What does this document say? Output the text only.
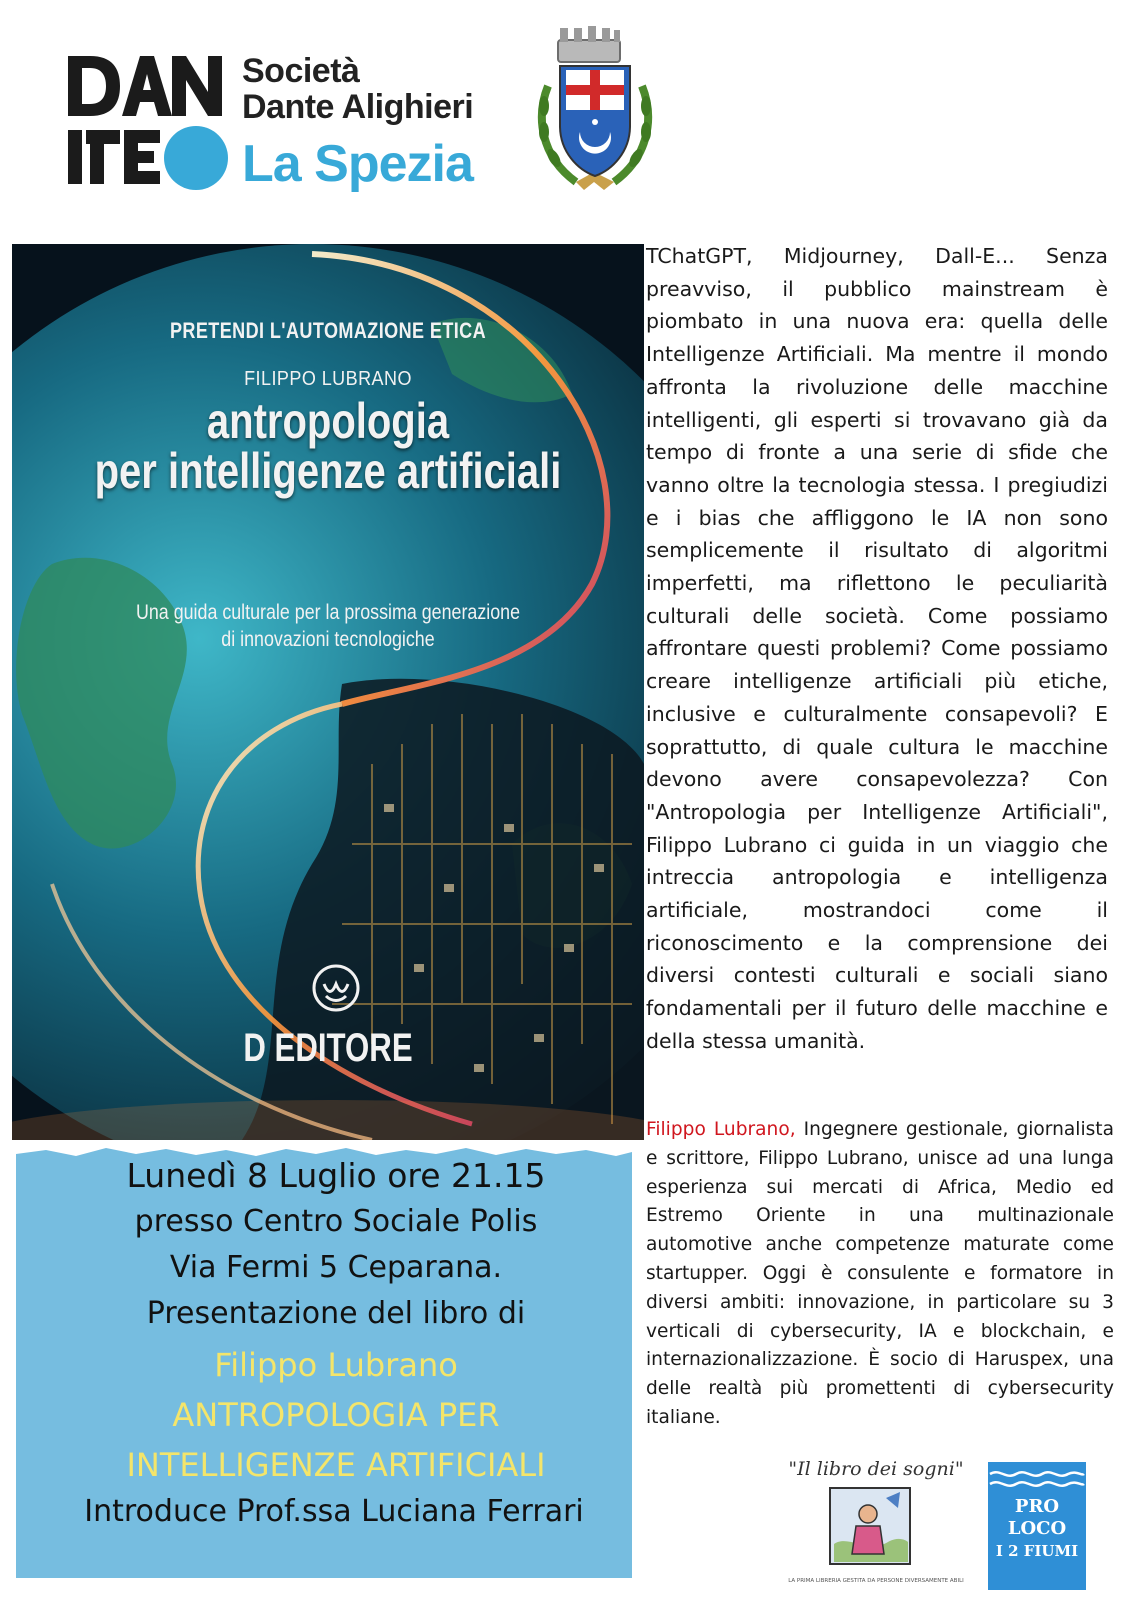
Società
Dante Alighieri
La Spezia
PRETENDI L'AUTOMAZIONE ETICA
FILIPPO LUBRANO
antropologia
per intelligenze artificiali
Una guida culturale per la prossima generazione
di innovazioni tecnologiche
D EDITORE
TChatGPT, Midjourney, Dall-E... Senza preavviso, il pubblico mainstream è piombato in una nuova era: quella delle Intelligenze Artificiali. Ma mentre il mondo affronta la rivoluzione delle macchine intelligenti, gli esperti si trovavano già da tempo di fronte a una serie di sfide che vanno oltre la tecnologia stessa. I pregiudizi e i bias che affliggono le IA non sono semplicemente il risultato di algoritmi imperfetti, ma riflettono le peculiarità culturali delle società. Come possiamo affrontare questi problemi? Come possiamo creare intelligenze artificiali più etiche, inclusive e culturalmente consapevoli? E soprattutto, di quale cultura le macchine devono avere consapevolezza? Con "Antropologia per Intelligenze Artificiali", Filippo Lubrano ci guida in un viaggio che intreccia antropologia e intelligenza artificiale, mostrandoci come il riconoscimento e la comprensione dei diversi contesti culturali e sociali siano fondamentali per il futuro delle macchine e della stessa umanità.
Filippo Lubrano, Ingegnere gestionale, giornalista e scrittore, Filippo Lubrano, unisce ad una lunga esperienza sui mercati di Africa, Medio ed Estremo Oriente in una multinazionale automotive anche competenze maturate come startupper. Oggi è consulente e formatore in diversi ambiti: innovazione, in particolare su 3 verticali di cybersecurity, IA e blockchain, e internazionalizzazione. È socio di Haruspex, una delle realtà più promettenti di cybersecurity italiane.
Lunedì 8 Luglio ore 21.15
presso Centro Sociale Polis
Via Fermi 5 Ceparana.
Presentazione del libro di
Filippo Lubrano
ANTROPOLOGIA PER
INTELLIGENZE ARTIFICIALI
Introduce Prof.ssa Luciana Ferrari
"Il libro dei sogni"
LA PRIMA LIBRERIA GESTITA DA PERSONE DIVERSAMENTE ABILI
PRO
LOCO
I 2 FIUMI
